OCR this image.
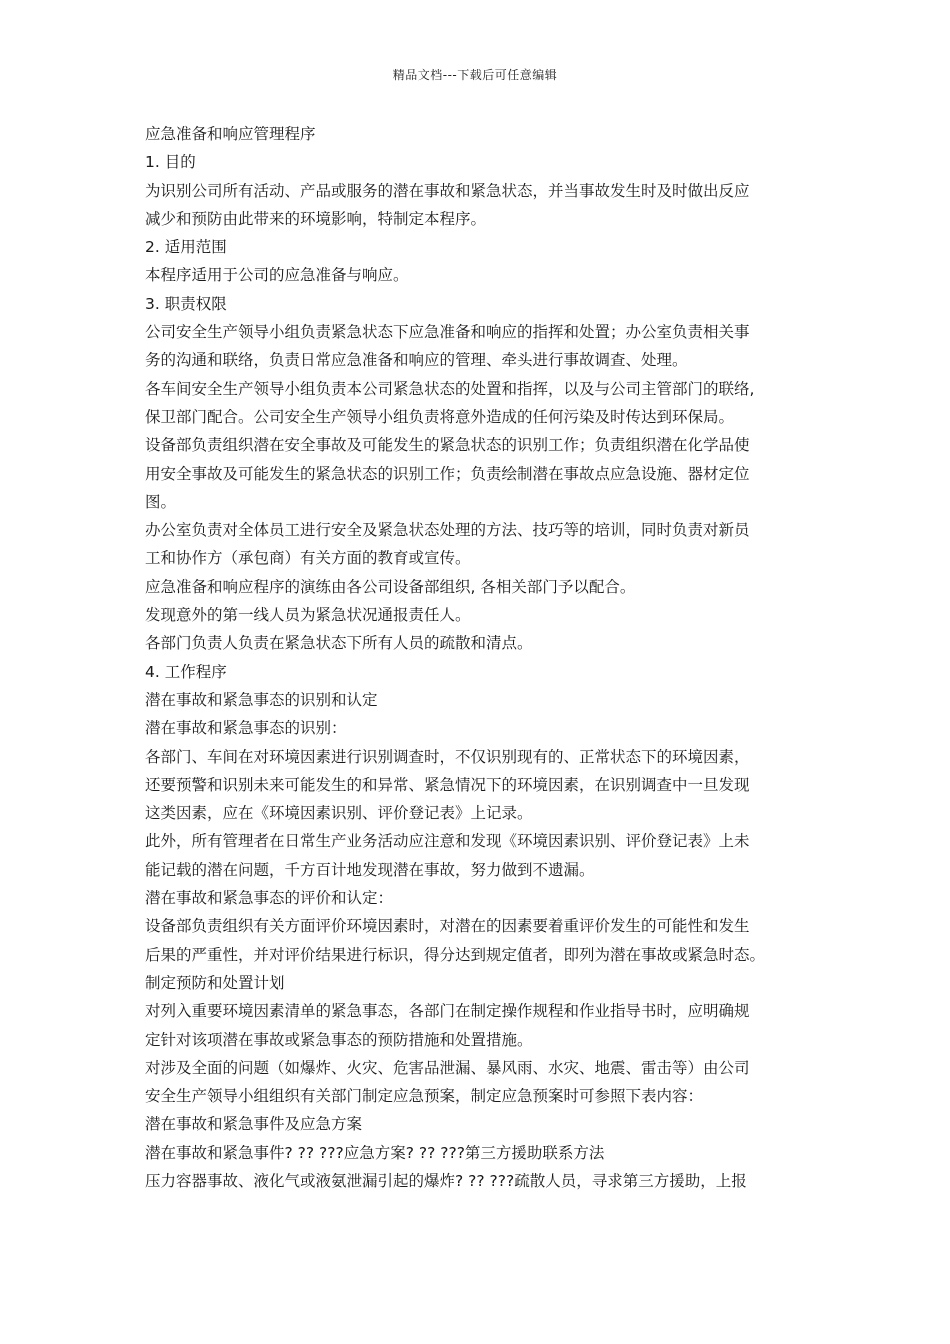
精品文档---下载后可任意编辑
应急准备和响应管理程序
1. 目的
为识别公司所有活动、产品或服务的潜在事故和紧急状态，并当事故发生时及时做出反应
减少和预防由此带来的环境影响，特制定本程序。
2. 适用范围
本程序适用于公司的应急准备与响应。
3. 职责权限
公司安全生产领导小组负责紧急状态下应急准备和响应的指挥和处置；办公室负责相关事
务的沟通和联络，负责日常应急准备和响应的管理、牵头进行事故调查、处理。
各车间安全生产领导小组负责本公司紧急状态的处置和指挥，以及与公司主管部门的联络,
保卫部门配合。公司安全生产领导小组负责将意外造成的任何污染及时传达到环保局。
设备部负责组织潜在安全事故及可能发生的紧急状态的识别工作；负责组织潜在化学品使
用安全事故及可能发生的紧急状态的识别工作；负责绘制潜在事故点应急设施、器材定位
图。
办公室负责对全体员工进行安全及紧急状态处理的方法、技巧等的培训，同时负责对新员
工和协作方（承包商）有关方面的教育或宣传。
应急准备和响应程序的演练由各公司设备部组织, 各相关部门予以配合。
发现意外的第一线人员为紧急状况通报责任人。
各部门负责人负责在紧急状态下所有人员的疏散和清点。
4. 工作程序
潜在事故和紧急事态的识别和认定
潜在事故和紧急事态的识别：
各部门、车间在对环境因素进行识别调查时，不仅识别现有的、正常状态下的环境因素，
还要预警和识别未来可能发生的和异常、紧急情况下的环境因素，在识别调查中一旦发现
这类因素，应在《环境因素识别、评价登记表》上记录。
此外，所有管理者在日常生产业务活动应注意和发现《环境因素识别、评价登记表》上未
能记载的潜在问题，千方百计地发现潜在事故，努力做到不遗漏。
潜在事故和紧急事态的评价和认定：
设备部负责组织有关方面评价环境因素时，对潜在的因素要着重评价发生的可能性和发生
后果的严重性，并对评价结果进行标识，得分达到规定值者，即列为潜在事故或紧急时态。
制定预防和处置计划
对列入重要环境因素清单的紧急事态，各部门在制定操作规程和作业指导书时，应明确规
定针对该项潜在事故或紧急事态的预防措施和处置措施。
对涉及全面的问题（如爆炸、火灾、危害品泄漏、暴风雨、水灾、地震、雷击等）由公司
安全生产领导小组组织有关部门制定应急预案，制定应急预案时可参照下表内容：
潜在事故和紧急事件及应急方案
潜在事故和紧急事件? ?? ???应急方案? ?? ???第三方援助联系方法
压力容器事故、液化气或液氨泄漏引起的爆炸? ?? ???疏散人员，寻求第三方援助，上报
